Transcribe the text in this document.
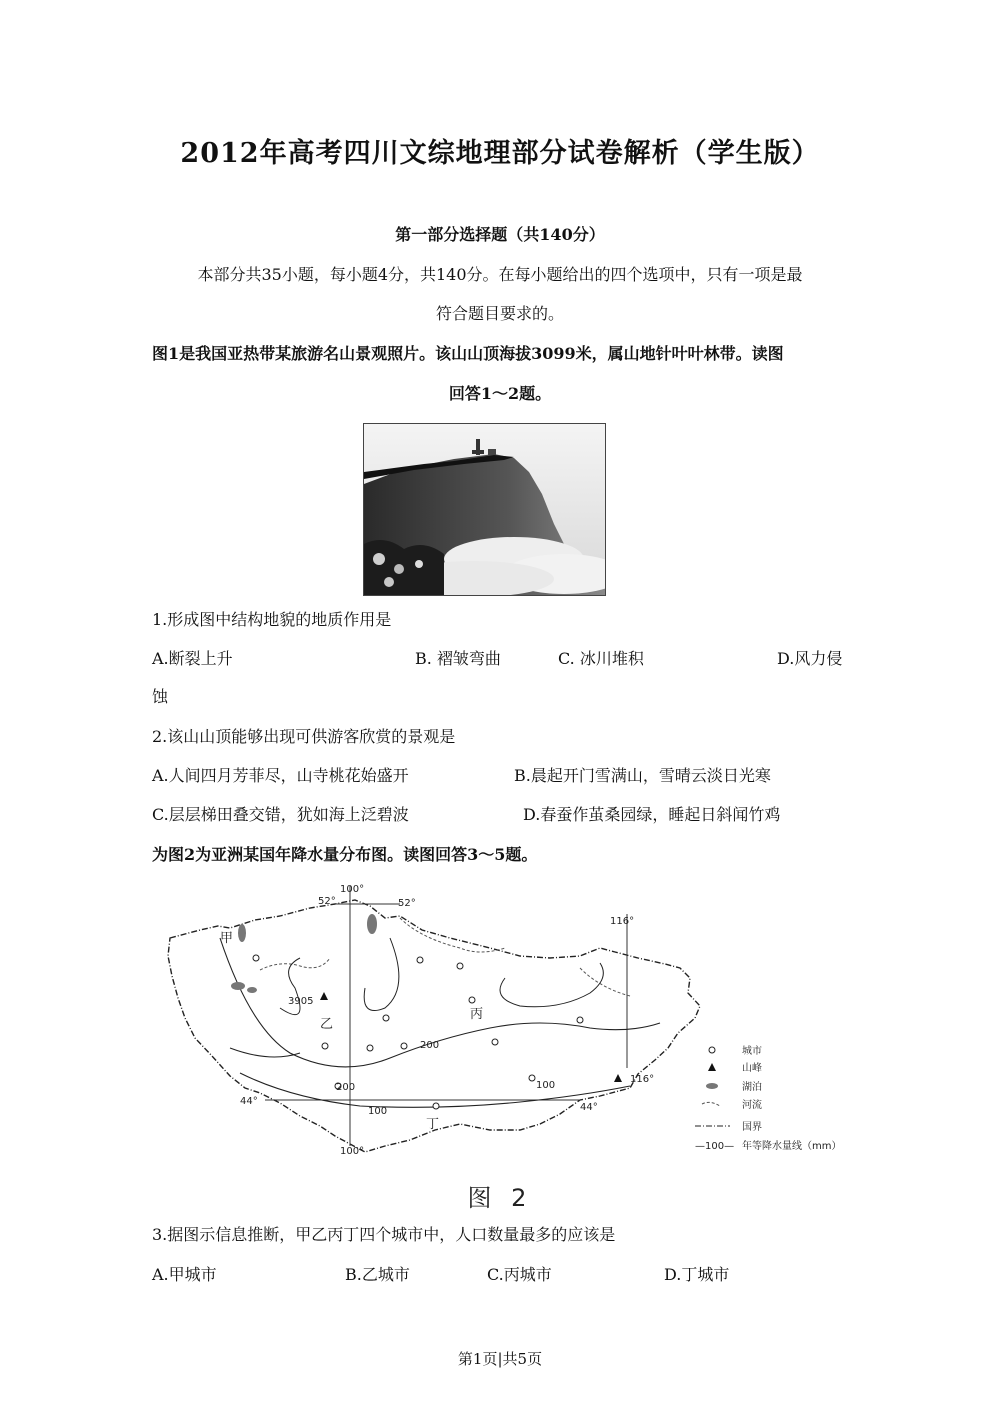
2012年高考四川文综地理部分试卷解析（学生版）
第一部分选择题（共140分）
本部分共35小题，每小题4分，共140分。在每小题给出的四个选项中，只有一项是最
符合题目要求的。
图1是我国亚热带某旅游名山景观照片。该山山顶海拔3099米，属山地针叶叶林带。读图
回答1～2题。
1.形成图中结构地貌的地质作用是
A.断裂上升	B. 褶皱弯曲	C. 冰川堆积	D.风力侵
蚀
2.该山山顶能够出现可供游客欣赏的景观是
A.人间四月芳菲尽，山寺桃花始盛开	B.晨起开门雪满山，雪晴云淡日光寒
C.层层梯田叠交错，犹如海上泛碧波	D.春蚕作茧桑园绿，睡起日斜闻竹鸡
为图2为亚洲某国年降水量分布图。读图回答3～5题。
100°
52°	52°
116°
116°
44°
44°
100°
甲
乙
丙
丁
3905
200
200
100
100
城市
山峰
湖泊
河流
国界
—100— 年等降水量线（mm）
图 2
3.据图示信息推断，甲乙丙丁四个城市中，人口数量最多的应该是
A.甲城市	B.乙城市	C.丙城市	D.丁城市
第1页|共5页
